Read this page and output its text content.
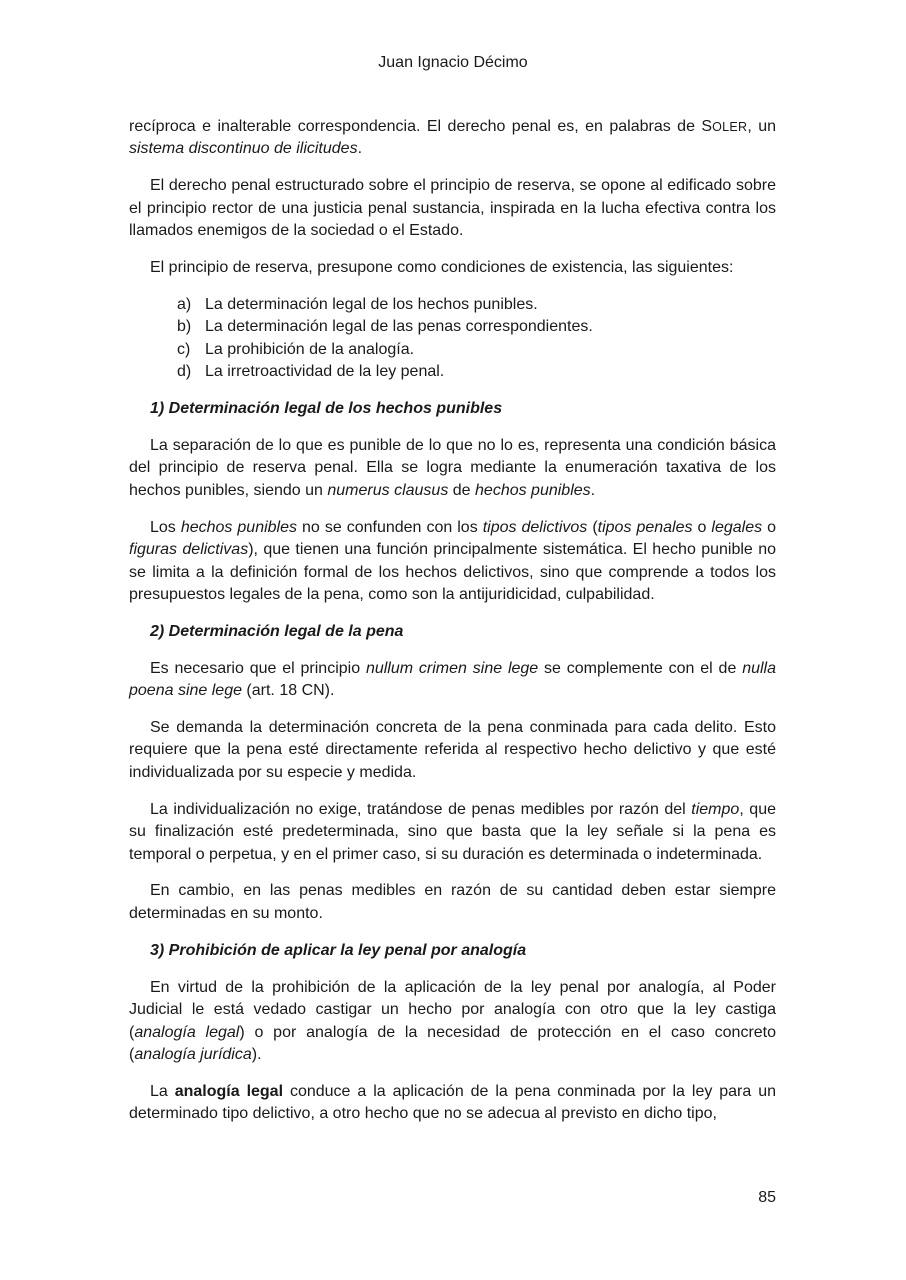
Juan Ignacio Décimo

recíproca e inalterable correspondencia. El derecho penal es, en palabras de SOLER, un sistema discontinuo de ilicitudes.

El derecho penal estructurado sobre el principio de reserva, se opone al edificado sobre el principio rector de una justicia penal sustancia, inspirada en la lucha efectiva contra los llamados enemigos de la sociedad o el Estado.

El principio de reserva, presupone como condiciones de existencia, las siguientes:

a) La determinación legal de los hechos punibles.
b) La determinación legal de las penas correspondientes.
c) La prohibición de la analogía.
d) La irretroactividad de la ley penal.
1) Determinación legal de los hechos punibles

La separación de lo que es punible de lo que no lo es, representa una condición básica del principio de reserva penal. Ella se logra mediante la enumeración taxativa de los hechos punibles, siendo un numerus clausus de hechos punibles.

Los hechos punibles no se confunden con los tipos delictivos (tipos penales o legales o figuras delictivas), que tienen una función principalmente sistemática. El hecho punible no se limita a la definición formal de los hechos delictivos, sino que comprende a todos los presupuestos legales de la pena, como son la antijuridicidad, culpabilidad.

2) Determinación legal de la pena

Es necesario que el principio nullum crimen sine lege se complemente con el de nulla poena sine lege (art. 18 CN).

Se demanda la determinación concreta de la pena conminada para cada delito. Esto requiere que la pena esté directamente referida al respectivo hecho delictivo y que esté individualizada por su especie y medida.

La individualización no exige, tratándose de penas medibles por razón del tiempo, que su finalización esté predeterminada, sino que basta que la ley señale si la pena es temporal o perpetua, y en el primer caso, si su duración es determinada o indeterminada.

En cambio, en las penas medibles en razón de su cantidad deben estar siempre determinadas en su monto.

3) Prohibición de aplicar la ley penal por analogía

En virtud de la prohibición de la aplicación de la ley penal por analogía, al Poder Judicial le está vedado castigar un hecho por analogía con otro que la ley castiga (analogía legal) o por analogía de la necesidad de protección en el caso concreto (analogía jurídica).

La analogía legal conduce a la aplicación de la pena conminada por la ley para un determinado tipo delictivo, a otro hecho que no se adecua al previsto en dicho tipo,

85
